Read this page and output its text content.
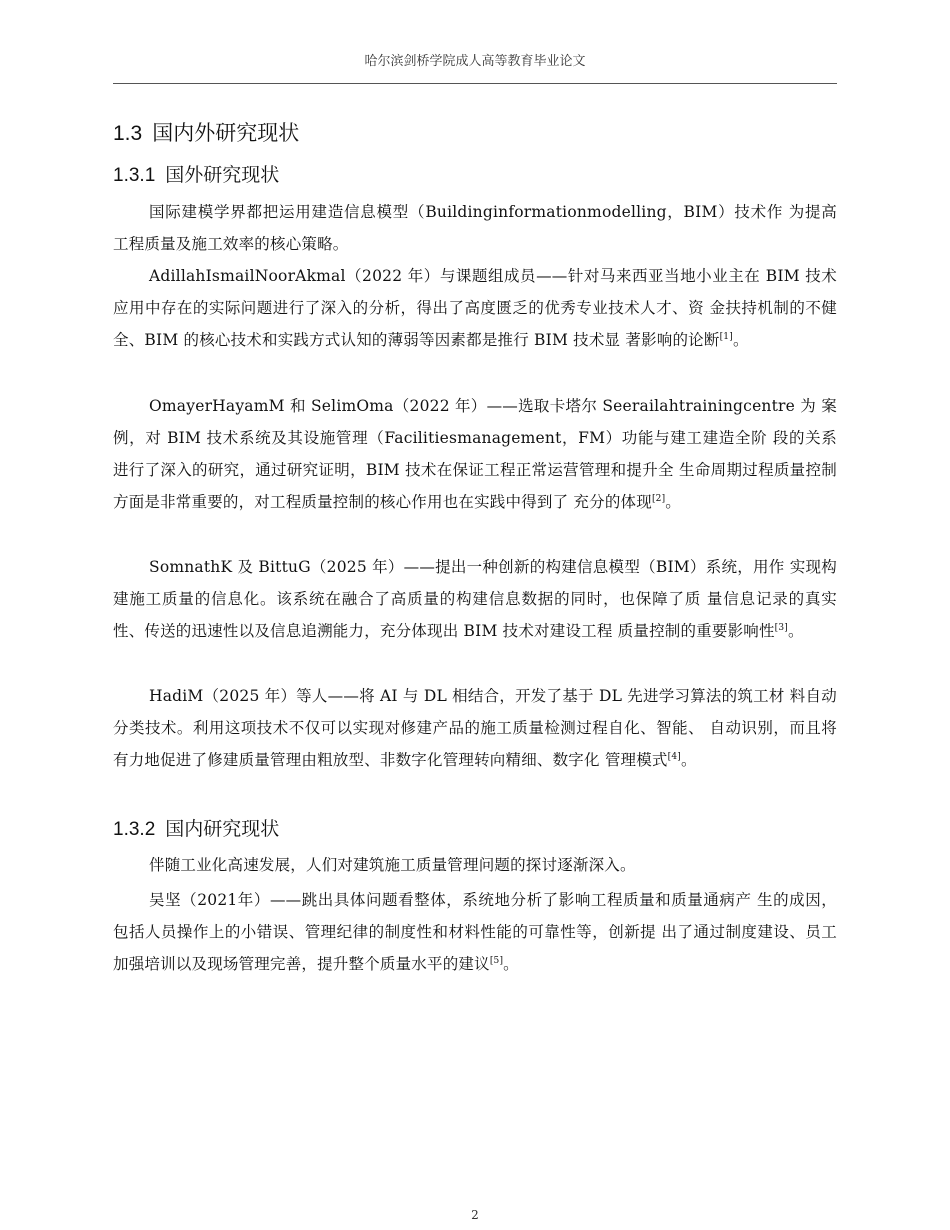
哈尔滨剑桥学院成人高等教育毕业论文
1.3 国内外研究现状
1.3.1 国外研究现状
国际建模学界都把运用建造信息模型（Buildinginformationmodelling，BIM）技术作 为提高工程质量及施工效率的核心策略。
AdillahIsmailNoorAkmal（2022 年）与课题组成员——针对马来西亚当地小业主在 BIM 技术应用中存在的实际问题进行了深入的分析，得出了高度匮乏的优秀专业技术人才、资 金扶持机制的不健全、BIM 的核心技术和实践方式认知的薄弱等因素都是推行 BIM 技术显 著影响的论断[1]。
OmayerHayamM 和 SelimOma（2022 年）——选取卡塔尔 Seerailahtrainingcentre 为 案例，对 BIM 技术系统及其设施管理（Facilitiesmanagement，FM）功能与建工建造全阶 段的关系进行了深入的研究，通过研究证明，BIM 技术在保证工程正常运营管理和提升全 生命周期过程质量控制方面是非常重要的，对工程质量控制的核心作用也在实践中得到了 充分的体现[2]。
SomnathK 及 BittuG（2025 年）——提出一种创新的构建信息模型（BIM）系统，用作 实现构建施工质量的信息化。该系统在融合了高质量的构建信息数据的同时，也保障了质 量信息记录的真实性、传送的迅速性以及信息追溯能力，充分体现出 BIM 技术对建设工程 质量控制的重要影响性[3]。
HadiM（2025 年）等人——将 AI 与 DL 相结合，开发了基于 DL 先进学习算法的筑工材 料自动分类技术。利用这项技术不仅可以实现对修建产品的施工质量检测过程自化、智能、 自动识别，而且将有力地促进了修建质量管理由粗放型、非数字化管理转向精细、数字化 管理模式[4]。
1.3.2 国内研究现状
伴随工业化高速发展，人们对建筑施工质量管理问题的探讨逐渐深入。
吴坚（2021年）——跳出具体问题看整体，系统地分析了影响工程质量和质量通病产 生的成因，包括人员操作上的小错误、管理纪律的制度性和材料性能的可靠性等，创新提 出了通过制度建设、员工加强培训以及现场管理完善，提升整个质量水平的建议[5]。
2
